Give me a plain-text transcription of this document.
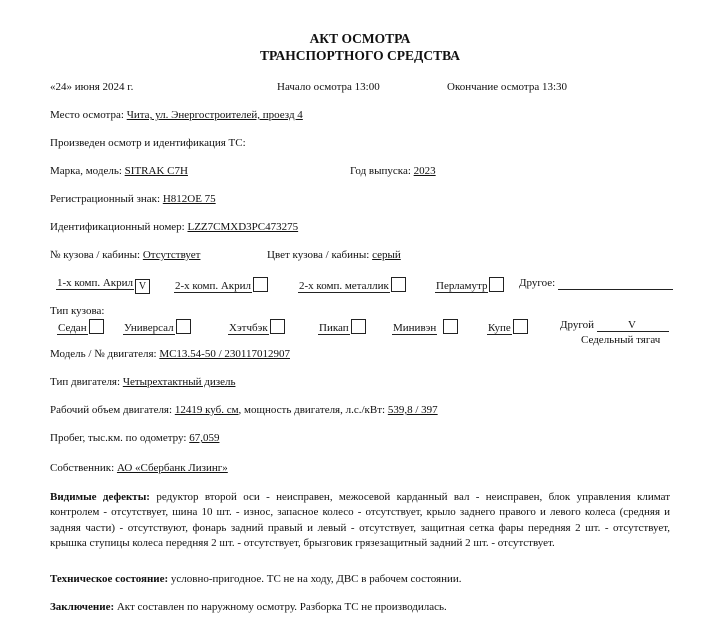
АКТ ОСМОТРА
ТРАНСПОРТНОГО СРЕДСТВА
«24» июня 2024 г.	Начало осмотра 13:00	Окончание осмотра 13:30
Место осмотра: Чита, ул. Энергостроителей, проезд 4
Произведен осмотр и идентификация ТС:
Марка, модель: SITRAK C7H	Год выпуска: 2023
Регистрационный знак: Н812ОЕ 75
Идентификационный номер: LZZ7CMXD3PC473275
№ кузова / кабины: Отсутствует	Цвет кузова / кабины: серый
1-х комп. Акрил V	2-х комп. Акрил	2-х комп. металлик	Перламутр	Другое:
Тип кузова:
Седан	Универсал	Хэтчбэк	Пикап	Минивэн	Купе	Другой	V
Седельный тягач
Модель / № двигателя: MC13.54-50 / 230117012907
Тип двигателя: Четырехтактный дизель
Рабочий объем двигателя: 12419 куб. см, мощность двигателя, л.с./кВт: 539,8 / 397
Пробег, тыс.км. по одометру: 67,059
Собственник: АО «Сбербанк Лизинг»
Видимые дефекты: редуктор второй оси - неисправен, межосевой карданный вал - неисправен, блок управления климат контролем - отсутствует, шина 10 шт. - износ, запасное колесо - отсутствует, крыло заднего правого и левого колеса (средняя и задняя части) - отсутствуют, фонарь задний правый и левый - отсутствует, защитная сетка фары передняя 2 шт. - отсутствует, крышка ступицы колеса передняя 2 шт. - отсутствует, брызговик грязезащитный задний 2 шт. - отсутствует.
Техническое состояние: условно-пригодное. ТС не на ходу, ДВС в рабочем состоянии.
Заключение: Акт составлен по наружному осмотру. Разборка ТС не производилась.
